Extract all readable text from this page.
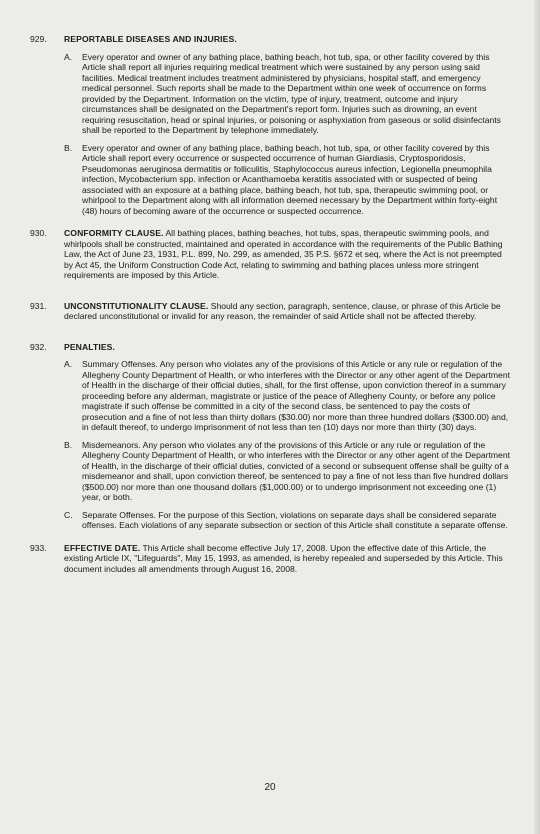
929.	REPORTABLE DISEASES AND INJURIES.
A.	Every operator and owner of any bathing place, bathing beach, hot tub, spa, or other facility covered by this Article shall report all injuries requiring medical treatment which were sustained by any person using said facilities. Medical treatment includes treatment administered by physicians, hospital staff, and emergency medical personnel. Such reports shall be made to the Department within one week of occurrence on forms provided by the Department. Information on the victim, type of injury, treatment, outcome and injury circumstances shall be designated on the Department's report form. Injuries such as drowning, an event requiring resuscitation, head or spinal injuries, or poisoning or asphyxiation from gaseous or solid disinfectants shall be reported to the Department by telephone immediately.
B.	Every operator and owner of any bathing place, bathing beach, hot tub, spa, or other facility covered by this Article shall report every occurrence or suspected occurrence of human Giardiasis, Cryptosporidosis, Pseudomonas aeruginosa dermatitis or folliculitis, Staphylococcus aureus infection, Legionella pneumophila infection, Mycobacterium spp. infection or Acanthamoeba keratitis associated with or suspected of being associated with an exposure at a bathing place, bathing beach, hot tub, spa, therapeutic swimming pool, or whirlpool to the Department along with all information deemed necessary by the Department within forty-eight (48) hours of becoming aware of the occurrence or suspected occurrence.
930.	CONFORMITY CLAUSE. All bathing places, bathing beaches, hot tubs, spas, therapeutic swimming pools, and whirlpools shall be constructed, maintained and operated in accordance with the requirements of the Public Bathing Law, the Act of June 23, 1931, P.L. 899, No. 299, as amended, 35 P.S. §672 et seq, where the Act is not preempted by Act 45, the Uniform Construction Code Act, relating to swimming and bathing places unless more stringent requirements are imposed by this Article.
931.	UNCONSTITUTIONALITY CLAUSE. Should any section, paragraph, sentence, clause, or phrase of this Article be declared unconstitutional or invalid for any reason, the remainder of said Article shall not be affected thereby.
932.	PENALTIES.
A.	Summary Offenses. Any person who violates any of the provisions of this Article or any rule or regulation of the Allegheny County Department of Health, or who interferes with the Director or any other agent of the Department of Health in the discharge of their official duties, shall, for the first offense, upon conviction thereof in a summary proceeding before any alderman, magistrate or justice of the peace of Allegheny County, or before any police magistrate if such offense be committed in a city of the second class, be sentenced to pay the costs of prosecution and a fine of not less than thirty dollars ($30.00) nor more than three hundred dollars ($300.00) and, in default thereof, to undergo imprisonment of not less than ten (10) days nor more than thirty (30) days.
B.	Misdemeanors. Any person who violates any of the provisions of this Article or any rule or regulation of the Allegheny County Department of Health, or who interferes with the Director or any other agent of the Department of Health, in the discharge of their official duties, convicted of a second or subsequent offense shall be guilty of a misdemeanor and shall, upon conviction thereof, be sentenced to pay a fine of not less than five hundred dollars ($500.00) nor more than one thousand dollars ($1,000.00) or to undergo imprisonment not exceeding one (1) year, or both.
C.	Separate Offenses. For the purpose of this Section, violations on separate days shall be considered separate offenses. Each violations of any separate subsection or section of this Article shall constitute a separate offense.
933.	EFFECTIVE DATE. This Article shall become effective July 17, 2008. Upon the effective date of this Article, the existing Article IX, "Lifeguards", May 15, 1993, as amended, is hereby repealed and superseded by this Article. This document includes all amendments through August 16, 2008.
20
